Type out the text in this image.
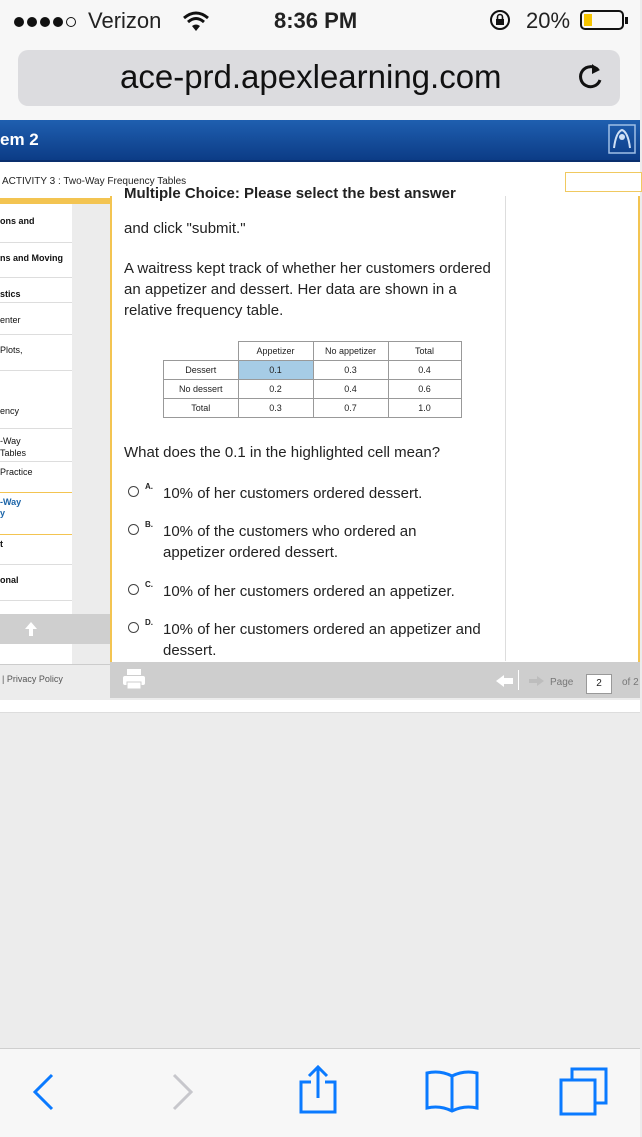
Verizon	8:36 PM	20%
ace-prd.apexlearning.com
em 2
ACTIVITY 3 : Two-Way Frequency Tables
ons and
ns and Moving
stics
enter
Plots,
ency
-Way
Tables
Practice
-Way
y
t
onal
| Privacy Policy
Multiple Choice: Please select the best answer
and click "submit."
A waitress kept track of whether her customers ordered an appetizer and dessert. Her data are shown in a relative frequency table.
	Appetizer	No appetizer	Total
Dessert	0.1	0.3	0.4
No dessert	0.2	0.4	0.6
Total	0.3	0.7	1.0
What does the 0.1 in the highlighted cell mean?
A. 10% of her customers ordered dessert.
B. 10% of the customers who ordered an appetizer ordered dessert.
C. 10% of her customers ordered an appetizer.
D. 10% of her customers ordered an appetizer and dessert.
Page	2	of 2
